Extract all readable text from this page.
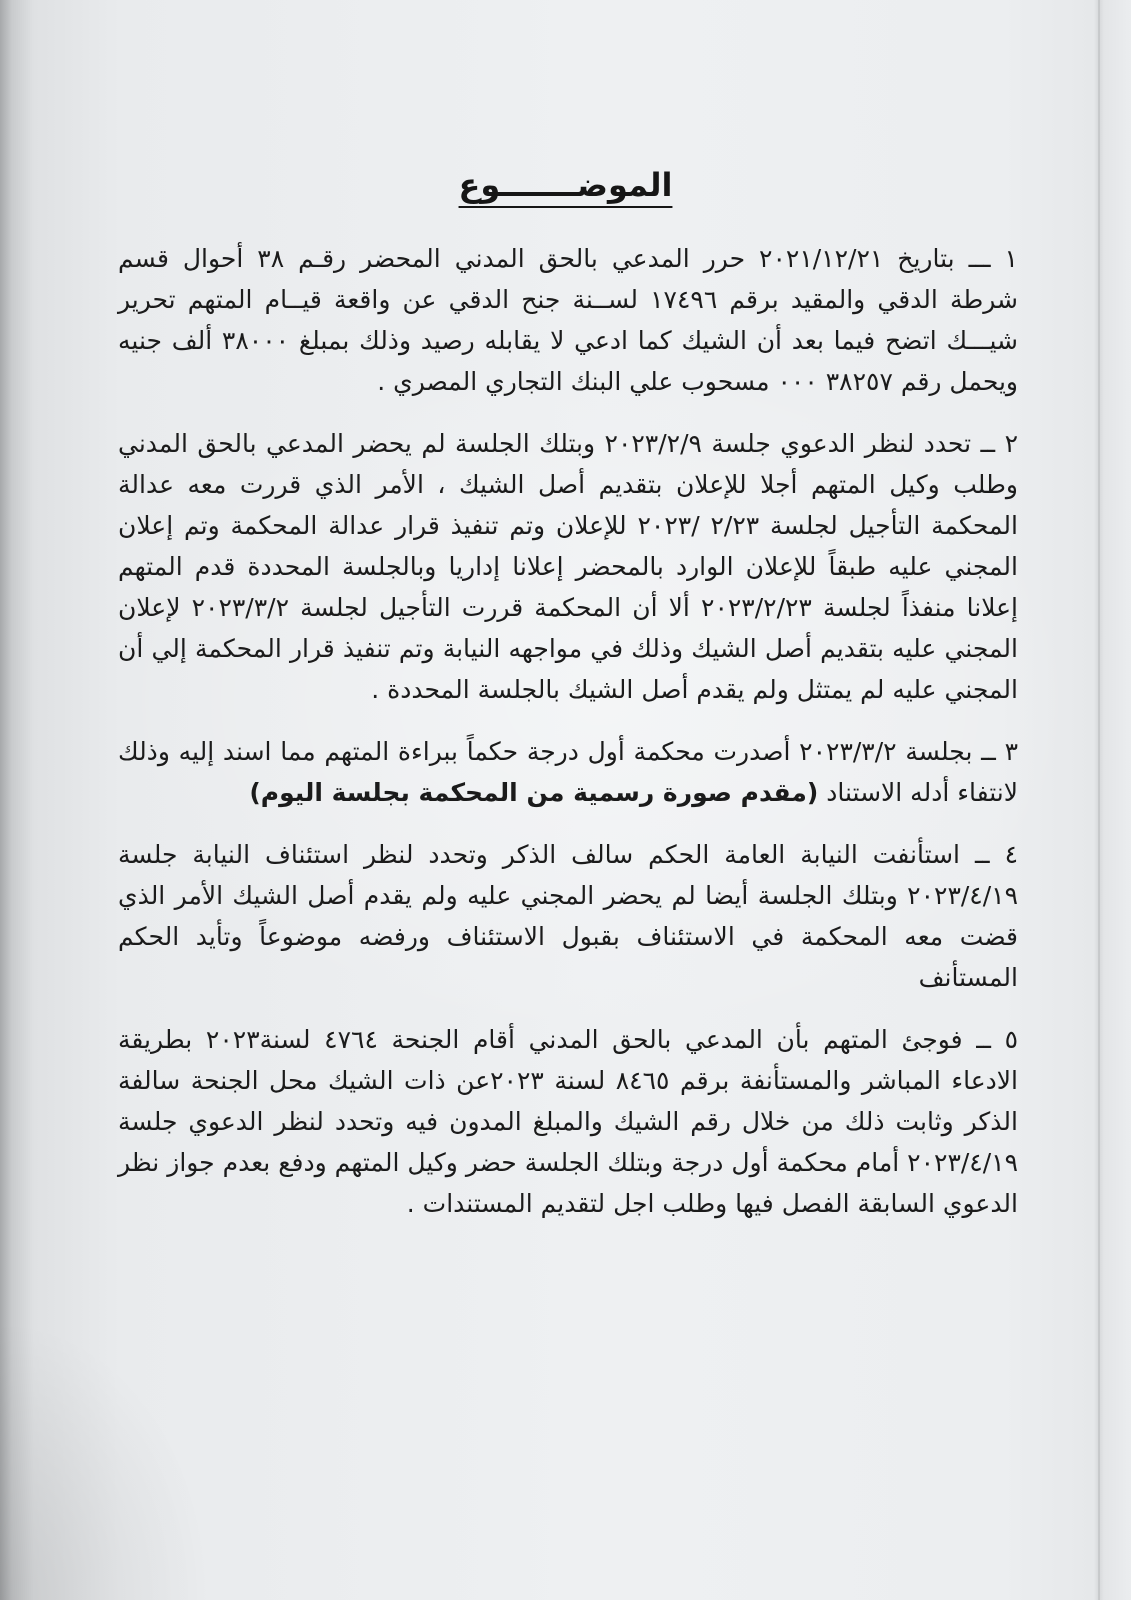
الموضـــــــوع

١ ـــ بتاريخ ٢٠٢١/١٢/٢١ حرر المدعي بالحق المدني المحضر رقـم ٣٨ أحوال قسم شرطة الدقي والمقيد برقم ١٧٤٩٦ لســنة جنح الدقي عن واقعة قيــام المتهم تحرير شيـــك اتضح فيما بعد أن الشيك كما ادعي لا يقابله رصيد وذلك بمبلغ ٣٨٠٠٠ ألف جنيه ويحمل رقم ٣٨٢٥٧ ٠٠٠ مسحوب علي البنك التجاري المصري .

٢ ــ تحدد لنظر الدعوي جلسة ٢٠٢٣/٢/٩ وبتلك الجلسة لم يحضر المدعي بالحق المدني وطلب وكيل المتهم أجلا للإعلان بتقديم أصل الشيك ، الأمر الذي قررت معه عدالة المحكمة التأجيل لجلسة ٢/٢٣ /٢٠٢٣ للإعلان وتم تنفيذ قرار عدالة المحكمة وتم إعلان المجني عليه طبقاً للإعلان الوارد بالمحضر إعلانا إداريا وبالجلسة المحددة قدم المتهم إعلانا منفذاً لجلسة ٢٠٢٣/٢/٢٣ ألا أن المحكمة قررت التأجيل لجلسة ٢٠٢٣/٣/٢ لإعلان المجني عليه بتقديم أصل الشيك وذلك في مواجهه النيابة وتم تنفيذ قرار المحكمة إلي أن المجني عليه لم يمتثل ولم يقدم أصل الشيك بالجلسة المحددة .

٣ ــ بجلسة ٢٠٢٣/٣/٢ أصدرت محكمة أول درجة حكماً ببراءة المتهم مما اسند إليه وذلك لانتفاء أدله الاستناد (مقدم صورة رسمية من المحكمة بجلسة اليوم)

٤ ــ استأنفت النيابة العامة الحكم سالف الذكر وتحدد لنظر استئناف النيابة جلسة ٢٠٢٣/٤/١٩ وبتلك الجلسة أيضا لم يحضر المجني عليه ولم يقدم أصل الشيك الأمر الذي قضت معه المحكمة في الاستئناف بقبول الاستئناف ورفضه موضوعاً وتأيد الحكم المستأنف

٥ ــ فوجئ المتهم بأن المدعي بالحق المدني أقام الجنحة ٤٧٦٤ لسنة٢٠٢٣ بطريقة الادعاء المباشر والمستأنفة برقم ٨٤٦٥ لسنة ٢٠٢٣عن ذات الشيك محل الجنحة سالفة الذكر وثابت ذلك من خلال رقم الشيك والمبلغ المدون فيه وتحدد لنظر الدعوي جلسة ٢٠٢٣/٤/١٩ أمام محكمة أول درجة وبتلك الجلسة حضر وكيل المتهم ودفع بعدم جواز نظر الدعوي السابقة الفصل فيها وطلب اجل لتقديم المستندات .
